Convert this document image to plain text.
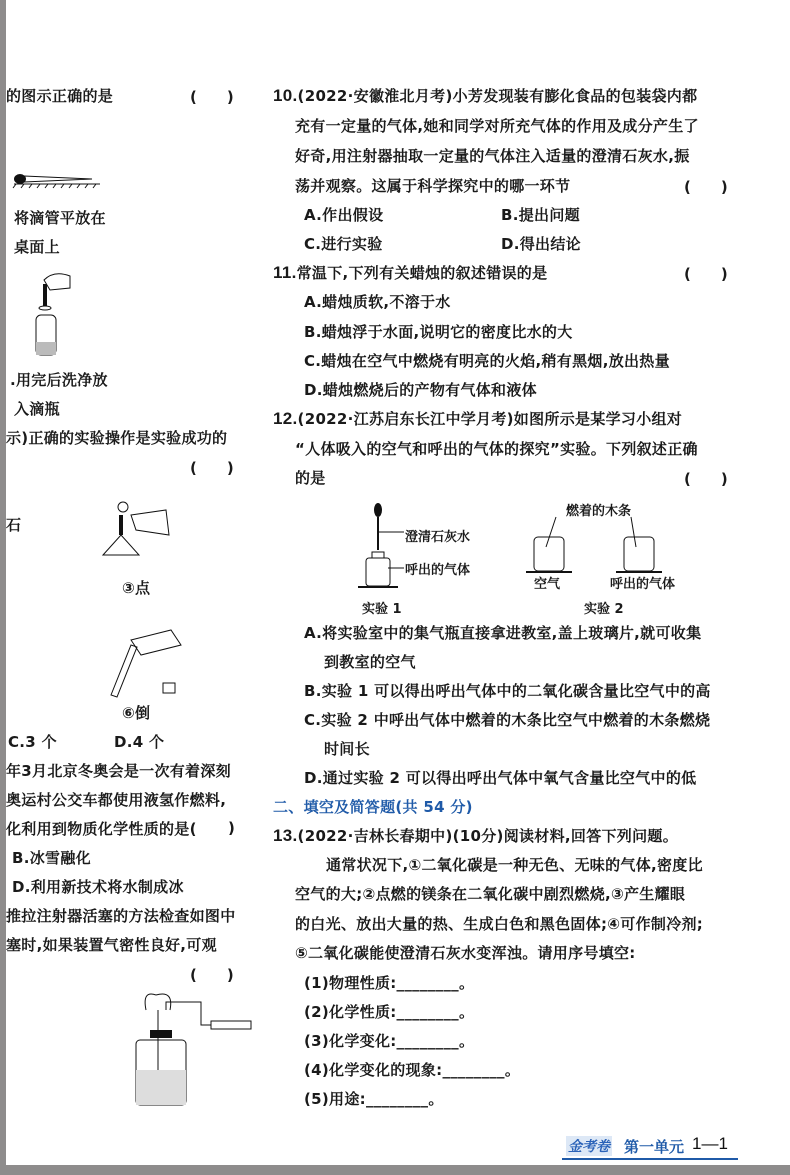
的图示正确的是	(　　)
将滴管平放在
桌面上
.用完后洗净放
入滴瓶
示)正确的实验操作是实验成功的
(　　)
石
③点
⑥倒
C.3 个	D.4 个
年3月北京冬奥会是一次有着深刻
奥运村公交车都使用液氢作燃料,
化利用到物质化学性质的是( )
B.冰雪融化
D.利用新技术将水制成冰
推拉注射器活塞的方法检查如图中
塞时,如果装置气密性良好,可观
(　　)
10.(2022·安徽淮北月考)小芳发现装有膨化食品的包装袋内都
充有一定量的气体,她和同学对所充气体的作用及成分产生了
好奇,用注射器抽取一定量的气体注入适量的澄清石灰水,振
荡并观察。这属于科学探究中的哪一环节	(　　)
A.作出假设	B.提出问题
C.进行实验	D.得出结论
11.常温下,下列有关蜡烛的叙述错误的是	(　　)
A.蜡烛质软,不溶于水
B.蜡烛浮于水面,说明它的密度比水的大
C.蜡烛在空气中燃烧有明亮的火焰,稍有黑烟,放出热量
D.蜡烛燃烧后的产物有气体和液体
12.(2022·江苏启东长江中学月考)如图所示是某学习小组对
“人体吸入的空气和呼出的气体的探究”实验。下列叙述正确
的是	(　　)
澄清石灰水
呼出的气体
实验 1
燃着的木条
空气	呼出的气体
实验 2
A.将实验室中的集气瓶直接拿进教室,盖上玻璃片,就可收集
到教室的空气
B.实验 1 可以得出呼出气体中的二氧化碳含量比空气中的高
C.实验 2 中呼出气体中燃着的木条比空气中燃着的木条燃烧
时间长
D.通过实验 2 可以得出呼出气体中氧气含量比空气中的低
二、填空及简答题(共 54 分)
13.(2022·吉林长春期中)(10分)阅读材料,回答下列问题。
通常状况下,①二氧化碳是一种无色、无味的气体,密度比
空气的大;②点燃的镁条在二氧化碳中剧烈燃烧,③产生耀眼
的白光、放出大量的热、生成白色和黑色固体;④可作制冷剂;
⑤二氧化碳能使澄清石灰水变浑浊。请用序号填空:
(1)物理性质:________。
(2)化学性质:________。
(3)化学变化:________。
(4)化学变化的现象:________。
(5)用途:________。
金考卷 第一单元 1—1
